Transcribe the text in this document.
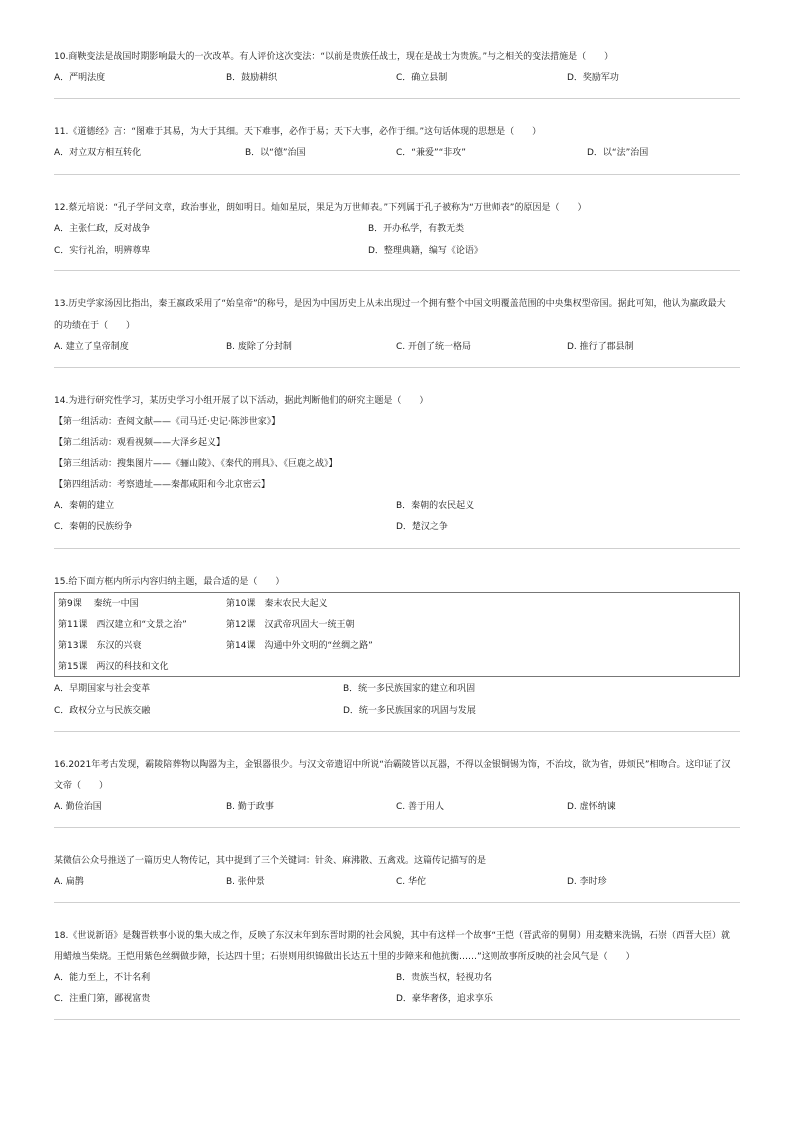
10.商鞅变法是战国时期影响最大的一次改革。有人评价这次变法：“以前是贵族任战士，现在是战士为贵族。”与之相关的变法措施是（　　）
A．严明法度	B．鼓励耕织	C．确立县制	D．奖励军功
11.《道德经》言：“图难于其易，为大于其细。天下难事，必作于易；天下大事，必作于细。”这句话体现的思想是（　　）
A．对立双方相互转化	B．以“德”治国	C．“兼爱”“非攻”	D．以“法”治国
12.蔡元培说：“孔子学问文章，政治事业，朗如明日。灿如星辰，果足为万世师表。”下列属于孔子被称为“万世师表”的原因是（　　）
A．主张仁政，反对战争	B．开办私学，有教无类
C．实行礼治，明辨尊卑	D．整理典籍，编写《论语》
13.历史学家汤因比指出，秦王嬴政采用了“始皇帝”的称号，是因为中国历史上从未出现过一个拥有整个中国文明覆盖范围的中央集权型帝国。据此可知，他认为嬴政最大
的功绩在于（　　）
A. 建立了皇帝制度	B. 废除了分封制	C. 开创了统一格局	D. 推行了郡县制
14.为进行研究性学习，某历史学习小组开展了以下活动，据此判断他们的研究主题是（　　）
【第一组活动：查阅文献——《司马迁·史记·陈涉世家》】
【第二组活动：观看视频——大泽乡起义】
【第三组活动：搜集图片——《骊山陵》、《秦代的刑具》、《巨鹿之战》】
【第四组活动：考察遗址——秦都咸阳和今北京密云】
A．秦朝的建立	B．秦朝的农民起义
C．秦朝的民族纷争	D．楚汉之争
15.给下面方框内所示内容归纳主题，最合适的是（　　）
第9课　 秦统一中国	第10课　秦末农民大起义
第11课　西汉建立和“文景之治”	第12课　汉武帝巩固大一统王朝
第13课　东汉的兴衰	第14课　沟通中外文明的“丝绸之路”
第15课　两汉的科技和文化
A．早期国家与社会变革	B．统一多民族国家的建立和巩固
C．政权分立与民族交融	D．统一多民族国家的巩固与发展
16.2021年考古发现，霸陵陪葬物以陶器为主，金银器很少。与汉文帝遗诏中所说“治霸陵皆以瓦器，不得以金银铜锡为饰，不治坟，欲为省，毋烦民”相吻合。这印证了汉
文帝（　　）
A. 勤俭治国	B. 勤于政事	C. 善于用人	D. 虚怀纳谏
某微信公众号推送了一篇历史人物传记，其中提到了三个关键词：针灸、麻沸散、五禽戏。这篇传记描写的是
A. 扁鹊	B. 张仲景	C. 华佗	D. 李时珍
18.《世说新语》是魏晋轶事小说的集大成之作，反映了东汉末年到东晋时期的社会风貌，其中有这样一个故事“王恺（晋武帝的舅舅）用麦糖来洗锅，石崇（西晋大臣）就
用蜡烛当柴烧。王恺用紫色丝绸做步障，长达四十里；石崇则用织锦做出长达五十里的步障来和他抗衡……”这则故事所反映的社会风气是（　　）
A．能力至上，不计名利	B．贵族当权，轻视功名
C．注重门第，鄙视富贵	D．豪华奢侈，追求享乐
